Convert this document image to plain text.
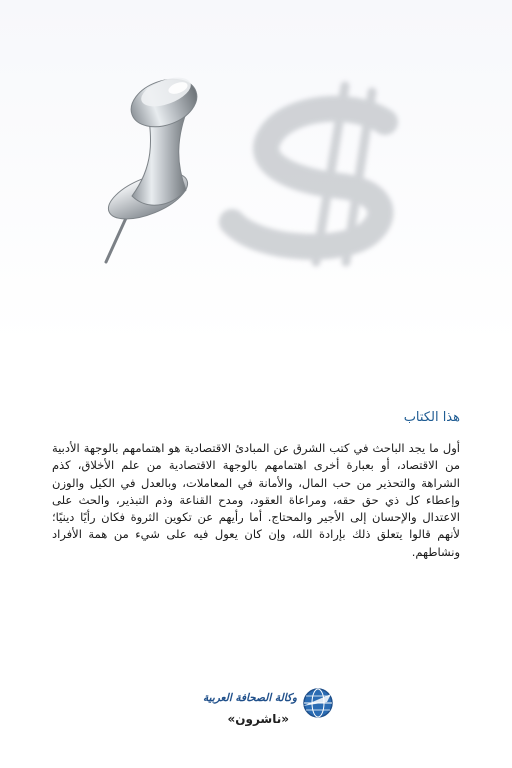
هذا الكتاب

أول ما يجد الباحث في كتب الشرق عن المبادئ الاقتصادية هو اهتمامهم بالوجهة الأدبية من الاقتصاد، أو بعبارة أخرى اهتمامهم بالوجهة الاقتصادية من علم الأخلاق، كذم الشراهة والتحذير من حب المال، والأمانة في المعاملات، وبالعدل في الكيل والوزن وإعطاء كل ذي حق حقه، ومراعاة العقود، ومدح القناعة وذم التبذير، والحث على الاعتدال والإحسان إلى الأجير والمحتاج. أما رأيهم عن تكوين الثروة فكان رأيًا دينيًا؛ لأنهم قالوا يتعلق ذلك بإرادة الله، وإن كان يعول فيه على شيء من همة الأفراد ونشاطهم.

وكالة الصحافة العربية
«ناشرون»
